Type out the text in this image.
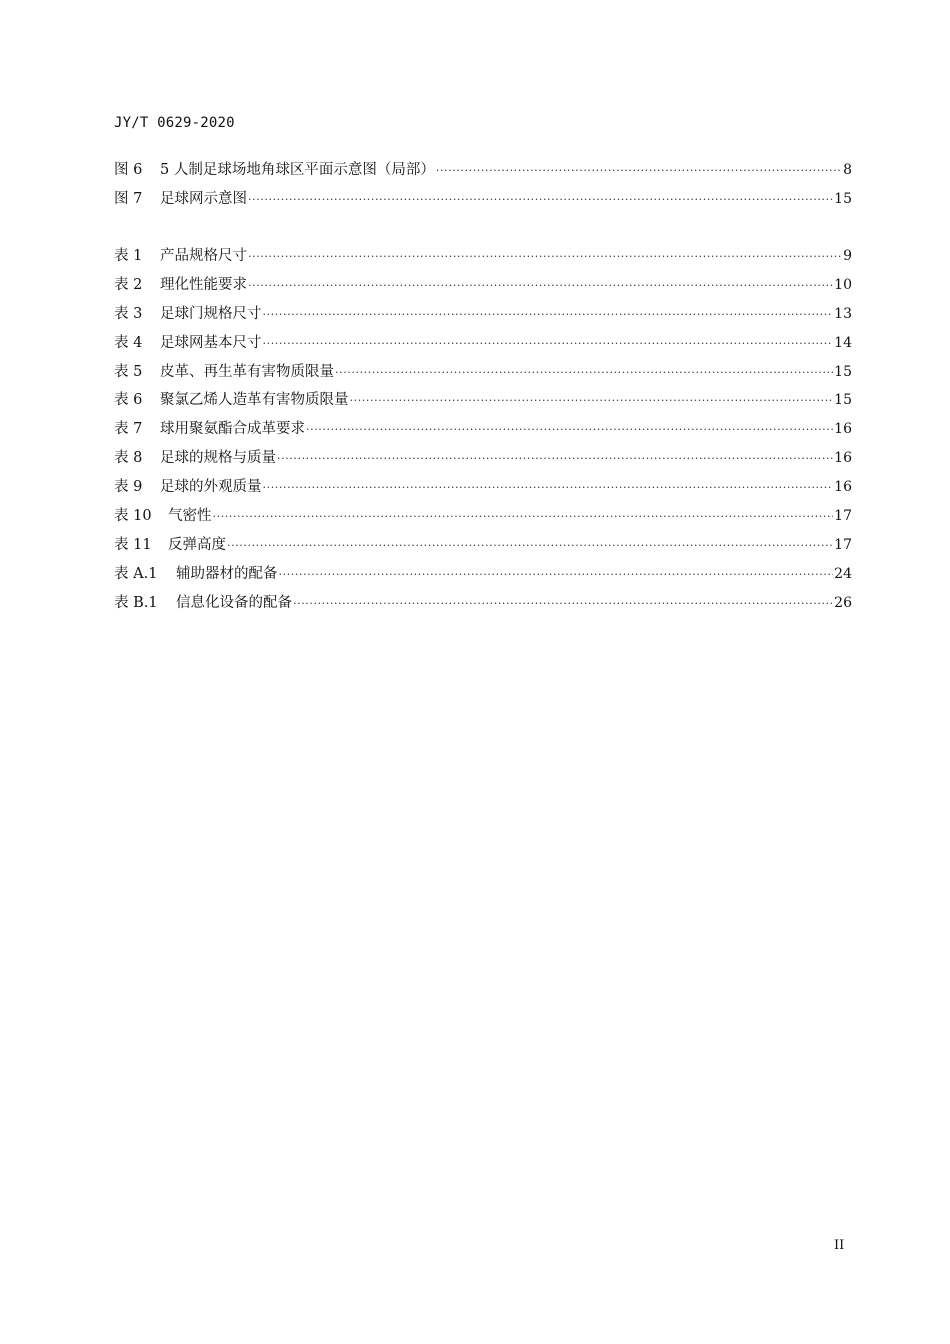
JY/T 0629-2020
图 6	5 人制足球场地角球区平面示意图（局部） ·····	8
图 7	足球网示意图 ·····	15
表 1	产品规格尺寸 ·····	9
表 2	理化性能要求 ·····	10
表 3	足球门规格尺寸 ·····	13
表 4	足球网基本尺寸 ·····	14
表 5	皮革、再生革有害物质限量 ·····	15
表 6	聚氯乙烯人造革有害物质限量 ·····	15
表 7	球用聚氨酯合成革要求 ·····	16
表 8	足球的规格与质量 ·····	16
表 9	足球的外观质量 ·····	16
表 10	气密性 ·····	17
表 11	反弹高度 ·····	17
表 A.1	辅助器材的配备 ·····	24
表 B.1	信息化设备的配备 ·····	26
II
